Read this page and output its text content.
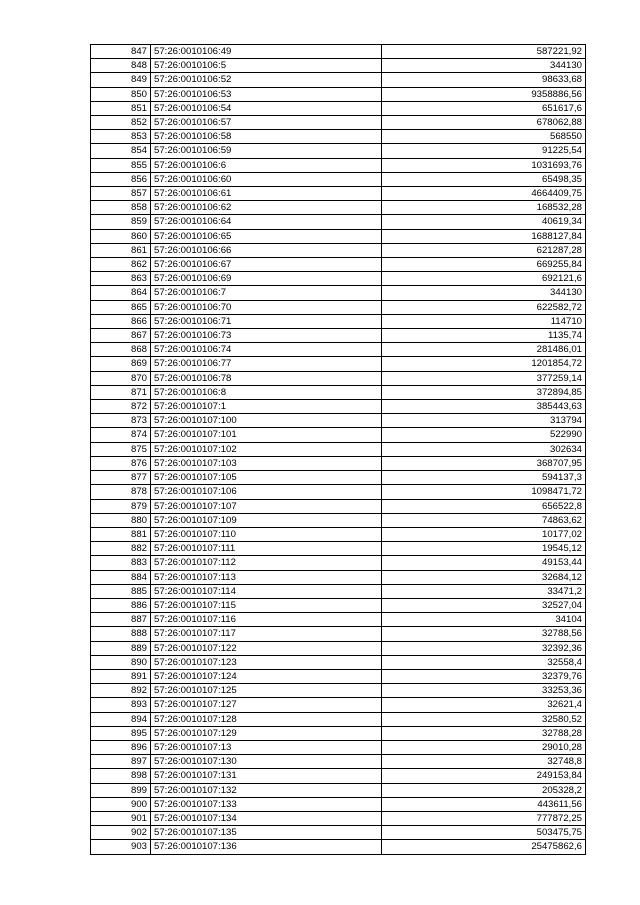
847	57:26:0010106:49	587221,92
848	57:26:0010106:5	344130
849	57:26:0010106:52	98633,68
850	57:26:0010106:53	9358886,56
851	57:26:0010106:54	651617,6
852	57:26:0010106:57	678062,88
853	57:26:0010106:58	568550
854	57:26:0010106:59	91225,54
855	57:26:0010106:6	1031693,76
856	57:26:0010106:60	65498,35
857	57:26:0010106:61	4664409,75
858	57:26:0010106:62	168532,28
859	57:26:0010106:64	40619,34
860	57:26:0010106:65	1688127,84
861	57:26:0010106:66	621287,28
862	57:26:0010106:67	669255,84
863	57:26:0010106:69	692121,6
864	57:26:0010106:7	344130
865	57:26:0010106:70	622582,72
866	57:26:0010106:71	114710
867	57:26:0010106:73	1135,74
868	57:26:0010106:74	281486,01
869	57:26:0010106:77	1201854,72
870	57:26:0010106:78	377259,14
871	57:26:0010106:8	372894,85
872	57:26:0010107:1	385443,63
873	57:26:0010107:100	313794
874	57:26:0010107:101	522990
875	57:26:0010107:102	302634
876	57:26:0010107:103	368707,95
877	57:26:0010107:105	594137,3
878	57:26:0010107:106	1098471,72
879	57:26:0010107:107	656522,8
880	57:26:0010107:109	74863,62
881	57:26:0010107:110	10177,02
882	57:26:0010107:111	19545,12
883	57:26:0010107:112	49153,44
884	57:26:0010107:113	32684,12
885	57:26:0010107:114	33471,2
886	57:26:0010107:115	32527,04
887	57:26:0010107:116	34104
888	57:26:0010107:117	32788,56
889	57:26:0010107:122	32392,36
890	57:26:0010107:123	32558,4
891	57:26:0010107:124	32379,76
892	57:26:0010107:125	33253,36
893	57:26:0010107:127	32621,4
894	57:26:0010107:128	32580,52
895	57:26:0010107:129	32788,28
896	57:26:0010107:13	29010,28
897	57:26:0010107:130	32748,8
898	57:26:0010107:131	249153,84
899	57:26:0010107:132	205328,2
900	57:26:0010107:133	443611,56
901	57:26:0010107:134	777872,25
902	57:26:0010107:135	503475,75
903	57:26:0010107:136	25475862,6
